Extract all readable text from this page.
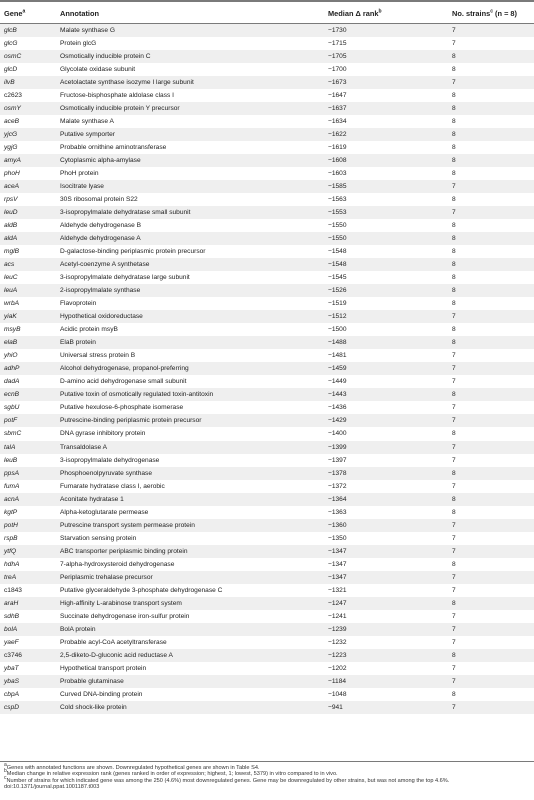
Gene$^a$	Annotation	Median Δ rank$^b$	No. strains$^c$ (n = 8)
glcB	Malate synthase G	−1730	7
glcG	Protein glcG	−1715	7
osmC	Osmotically inducible protein C	−1705	8
glcD	Glycolate oxidase subunit	−1700	8
ilvB	Acetolactate synthase isozyme I large subunit	−1673	7
c2623	Fructose-bisphosphate aldolase class I	−1647	8
osmY	Osmotically inducible protein Y precursor	−1637	8
aceB	Malate synthase A	−1634	8
yjcG	Putative symporter	−1622	8
ygjG	Probable ornithine aminotransferase	−1619	8
amyA	Cytoplasmic alpha-amylase	−1608	8
phoH	PhoH protein	−1603	8
aceA	Isocitrate lyase	−1585	7
rpsV	30S ribosomal protein S22	−1563	8
leuD	3-isopropylmalate dehydratase small subunit	−1553	7
aldB	Aldehyde dehydrogenase B	−1550	8
aldA	Aldehyde dehydrogenase A	−1550	8
mglB	D-galactose-binding periplasmic protein precursor	−1548	8
acs	Acetyl-coenzyme A synthetase	−1548	8
leuC	3-isopropylmalate dehydratase large subunit	−1545	8
leuA	2-isopropylmalate synthase	−1526	8
wrbA	Flavoprotein	−1519	8
yiaK	Hypothetical oxidoreductase	−1512	7
msyB	Acidic protein msyB	−1500	8
elaB	ElaB protein	−1488	8
yhiO	Universal stress protein B	−1481	7
adhP	Alcohol dehydrogenase, propanol-preferring	−1459	7
dadA	D-amino acid dehydrogenase small subunit	−1449	7
ecnB	Putative toxin of osmotically regulated toxin-antitoxin	−1443	8
sgbU	Putative hexulose-6-phosphate isomerase	−1436	7
potF	Putrescine-binding periplasmic protein precursor	−1429	7
sbmC	DNA gyrase inhibitory protein	−1400	8
talA	Transaldolase A	−1399	7
leuB	3-isopropylmalate dehydrogenase	−1397	7
ppsA	Phosphoenolpyruvate synthase	−1378	8
fumA	Fumarate hydratase class I, aerobic	−1372	7
acnA	Aconitate hydratase 1	−1364	8
kgtP	Alpha-ketoglutarate permease	−1363	8
potH	Putrescine transport system permease protein	−1360	7
rspB	Starvation sensing protein	−1350	7
ytfQ	ABC transporter periplasmic binding protein	−1347	7
hdhA	7-alpha-hydroxysteroid dehydrogenase	−1347	8
treA	Periplasmic trehalase precursor	−1347	7
c1843	Putative glyceraldehyde 3-phosphate dehydrogenase C	−1321	7
araH	High-affinity L-arabinose transport system	−1247	8
sdhB	Succinate dehydrogenase iron-sulfur protein	−1241	7
bolA	BolA protein	−1239	7
yaeF	Probable acyl-CoA acetyltransferase	−1232	7
c3746	2,5-diketo-D-gluconic acid reductase A	−1223	8
ybaT	Hypothetical transport protein	−1202	7
ybaS	Probable glutaminase	−1184	7
cbpA	Curved DNA-binding protein	−1048	8
cspD	Cold shock-like protein	−941	7
$^a$Genes with annotated functions are shown. Downregulated hypothetical genes are shown in Table S4.
$^b$Median change in relative expression rank (genes ranked in order of expression; highest, 1; lowest, 5379) in vitro compared to in vivo.
$^c$Number of strains for which indicated gene was among the 250 (4.6%) most downregulated genes. Gene may be downregulated by other strains, but was not among the top 4.6%.
doi:10.1371/journal.ppat.1001187.t003
